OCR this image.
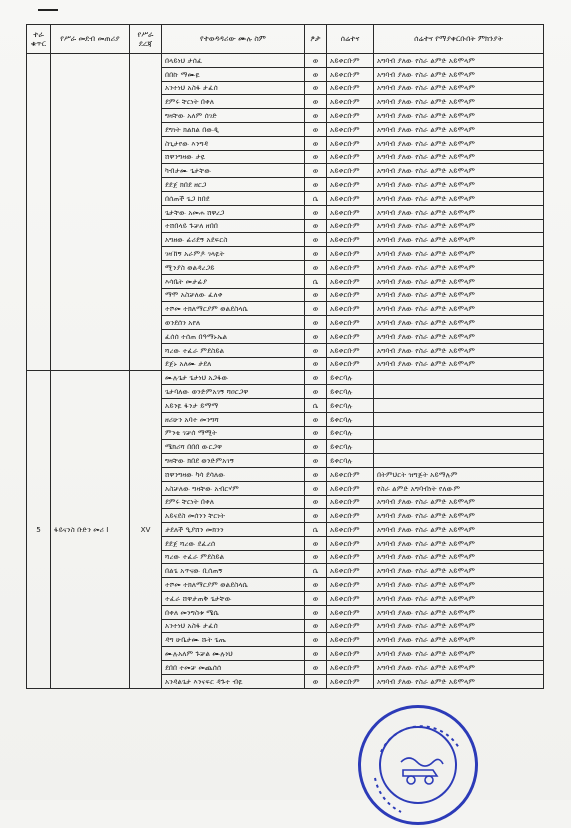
ተራ ቁጥር	የሥራ መደብ መጠሪያ	የሥራ ደረጃ	የተወዳዳሪው ሙሉ ስም	ፆታ	ሰሬተና	ሰሬተና የማያቀርቡበት ምክንያት
			በላይነህ ታሰፈ	ወ	አይቀርቡም	አግባብ ያለው የስራ ልምድ አይሞላም
			በበኩ ማሙዬ	ወ	አይቀርቡም	አግባብ ያለው የስራ ልምድ አይሞላም
			አንተነህ አስፋ ታፈሰ	ወ	አይቀርቡም	አግባብ ያለው የስራ ልምድ አይሞላም
			ደምሩ ቸርነት በቀለ	ወ	አይቀርቡም	አግባብ ያለው የስራ ልምድ አይሞላም
			ግዛቸው አለም ሰገድ	ወ	አይቀርቡም	አግባብ ያለው የስራ ልምድ አይሞላም
			ደግነት ክልክል በውዲ	ወ	አይቀርቡም	አግባብ ያለው የስራ ልምድ አይሞላም
			ስጊታየው እንግዳ	ወ	አይቀርቡም	አግባብ ያለው የስራ ልምድ አይሞላም
			ሸዋንግዛው ታዬ	ወ	አይቀርቡም	አግባብ ያለው የስራ ልምድ አይሞላም
			ካብታሙ ጌታቸው	ወ	አይቀርቡም	አግባብ ያለው የስራ ልምድ አይሞላም
			ደደጀ ክበደ ዘርጋ	ወ	አይቀርቡም	አግባብ ያለው የስራ ልምድ አይሞላም
			በሰጠች ጌጋ ከበደ	ሴ	አይቀርቡም	አግባብ ያለው የስራ ልምድ አይሞላም
			ጌታቸው አመሐ ሸዋረጋ	ወ	አይቀርቡም	አግባብ ያለው የስራ ልምድ አይሞላም
			ተሸበላይ ጉቻለ ዘበበ	ወ	አይቀርቡም	አግባብ ያለው የስራ ልምድ አይሞላም
			አግዘው ፊሪደኝ አደፍርስ	ወ	አይቀርቡም	አግባብ ያለው የስራ ልምድ አይሞላም
			ገዛኸኝ አራምዶ ገላዬት	ወ	አይቀርቡም	አግባብ ያለው የስራ ልምድ አይሞላም
			ሚንያስ ወልዳረጋይ	ወ	አይቀርቡም	አግባብ ያለው የስራ ልምድ አይሞላም
			እሳቤት መታፊያ	ሴ	አይቀርቡም	አግባብ ያለው የስራ ልምድ አይሞላም
			ማሞ አስቻለው ፈለቀ	ወ	አይቀርቡም	አግባብ ያለው የስራ ልምድ አይሞላም
			ተሾመ ተክለማርያም ወልደስላሴ	ወ	አይቀርቡም	አግባብ ያለው የስራ ልምድ አይሞላም
			ወንደሰን አየለ	ወ	አይቀርቡም	አግባብ ያለው የስራ ልምድ አይሞላም
			ፈሰሰ ተሰጠ በዓማኑኤል	ወ	አይቀርቡም	አግባብ ያለው የስራ ልምድ አይሞላም
			ሻረው ተፈራ ምደስይል	ወ	አይቀርቡም	አግባብ ያለው የስራ ልምድ አይሞላም
			ደጀኑ አለሙ ታደለ	ወ	አይቀርቡም	አግባብ ያለው የስራ ልምድ አይሞላም
5	ፋይናንስ ቡድን መሪ I	XV	ሙሉጌታ ጌታነህ አጋፋው	ወ	ይቀርባሉ	
			ጌታባለው ወንድምአገኝ ሻዐርጋዋ	ወ	ይቀርባሉ	
			አይንዬ ፋንታ ይማማ	ሴ	ይቀርባሉ	
			ዘሪሁን አባተ መንግሻ	ወ	ይቀርባሉ	
			ምንቴ ገቻሰ ማሚት	ወ	ይቀርባሉ	
			ሜክሪሻ በበበ ውርጋዋ	ወ	ይቀርባሉ	
			ግዛቸው ክበደ ወንድምአገኝ	ወ	ይቀርባሉ	
			ሸዋንግዛው ካሳ ደሳለው	ወ	አይቀርቡም	በትምህርት ዝግጅት አይማሉም
			አስቻለው ግዛቸው አብርሃም	ወ	አይቀርቡም	የስራ ልምድ አግባብነት የለውም
			ደምሩ ቸርነት በቀለ	ወ	አይቀርቡም	አግባብ ያለው የስራ ልምድ አይሞላም
			አይናደስ መሰንን ቸርነት	ወ	አይቀርቡም	አግባብ ያለው የስራ ልምድ አይሞላም
			ታደለች ዒያሸን መክንን	ሴ	አይቀርቡም	አግባብ ያለው የስራ ልምድ አይሞላም
			ደደጀ ሻረው ደፈረሰ	ወ	አይቀርቡም	አግባብ ያለው የስራ ልምድ አይሞላም
			ሻረው ተፈራ ምደስይል	ወ	አይቀርቡም	አግባብ ያለው የስራ ልምድ አይሞላም
			በልጌ አጥናው ቢሰጠኝ	ሴ	አይቀርቡም	አግባብ ያለው የስራ ልምድ አይሞላም
			ተሾመ ተክለማርያም ወልደስላሴ	ወ	አይቀርቡም	አግባብ ያለው የስራ ልምድ አይሞላም
			ተፈራ ሸዋታጠቅ ጌታቸው	ወ	አይቀርቡም	አግባብ ያለው የስራ ልምድ አይሞላም
			በቀለ መንግስቱ ሜሴ	ወ	አይቀርቡም	አግባብ ያለው የስራ ልምድ አይሞላም
			አንተነህ አስፋ ታፈሰ	ወ	አይቀርቡም	አግባብ ያለው የስራ ልምድ አይሞላም
			ዳግ ሁቤታሙ ሹት ጌጤ	ወ	አይቀርቡም	አግባብ ያለው የስራ ልምድ አይሞላም
			ሙሉአለም ጉቻል ሙሉነህ	ወ	አይቀርቡም	አግባብ ያለው የስራ ልምድ አይሞላም
			ደበበ ተመቻ መጨሰሰ	ወ	አይቀርቡም	አግባብ ያለው የስራ ልምድ አይሞላም
			አንዳልጌታ እንናፍር ዳጉተ ብዬ	ወ	አይቀርቡም	አግባብ ያለው የስራ ልምድ አይሞላም
